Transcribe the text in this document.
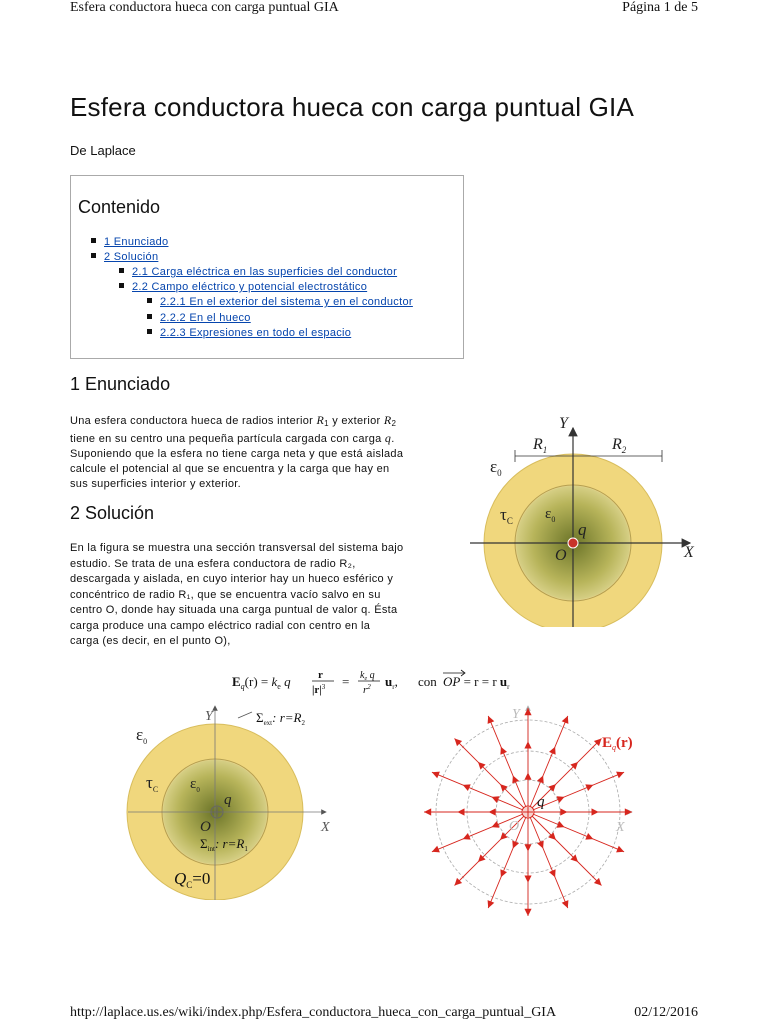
Esfera conductora hueca con carga puntual GIA	Página 1 de 5
Esfera conductora hueca con carga puntual GIA
De Laplace
Contenido
1 Enunciado
2 Solución
2.1 Carga eléctrica en las superficies del conductor
2.2 Campo eléctrico y potencial electrostático
2.2.1 En el exterior del sistema y en el conductor
2.2.2 En el hueco
2.2.3 Expresiones en todo el espacio
1 Enunciado

Una esfera conductora hueca de radios interior $R_1$ y exterior $R_2$
tiene en su centro una pequeña partícula cargada con carga q.
Suponiendo que la esfera no tiene carga neta y que está aislada
calcule el potencial al que se encuentra y la carga que hay en
sus superficies interior y exterior.

2 Solución

En la figura se muestra una sección transversal del sistema bajo
estudio. Se trata de una esfera conductora de radio R₂,
descargada y aislada, en cuyo interior hay un hueco esférico y
concéntrico de radio R₁, que se encuentra vacío salvo en su
centro O, donde hay situada una carga puntual de valor q. Ésta
carga produce una campo eléctrico radial con centro en la
carga (es decir, en el punto O),

Y
X
$R_1$	$R_2$
$\varepsilon_0$
$\tau_C$ $\varepsilon_0$
q
O
$E_q(r) = k_e$ q r
$|r|^3 = k_e$ q
$r^2$ $u_r$, con OP = r = r $u_r$
Y
X
$\Sigma_{ext}$: $r=R_2$
$\varepsilon_0$
$\tau_C$ $\varepsilon_0$
q
O
$\Sigma_{int}$: $r=R_1$
$Q_C=0$
Y
X
q
O
$E_q(r)$
http://laplace.us.es/wiki/index.php/Esfera_conductora_hueca_con_carga_puntual_GIA	02/12/2016
